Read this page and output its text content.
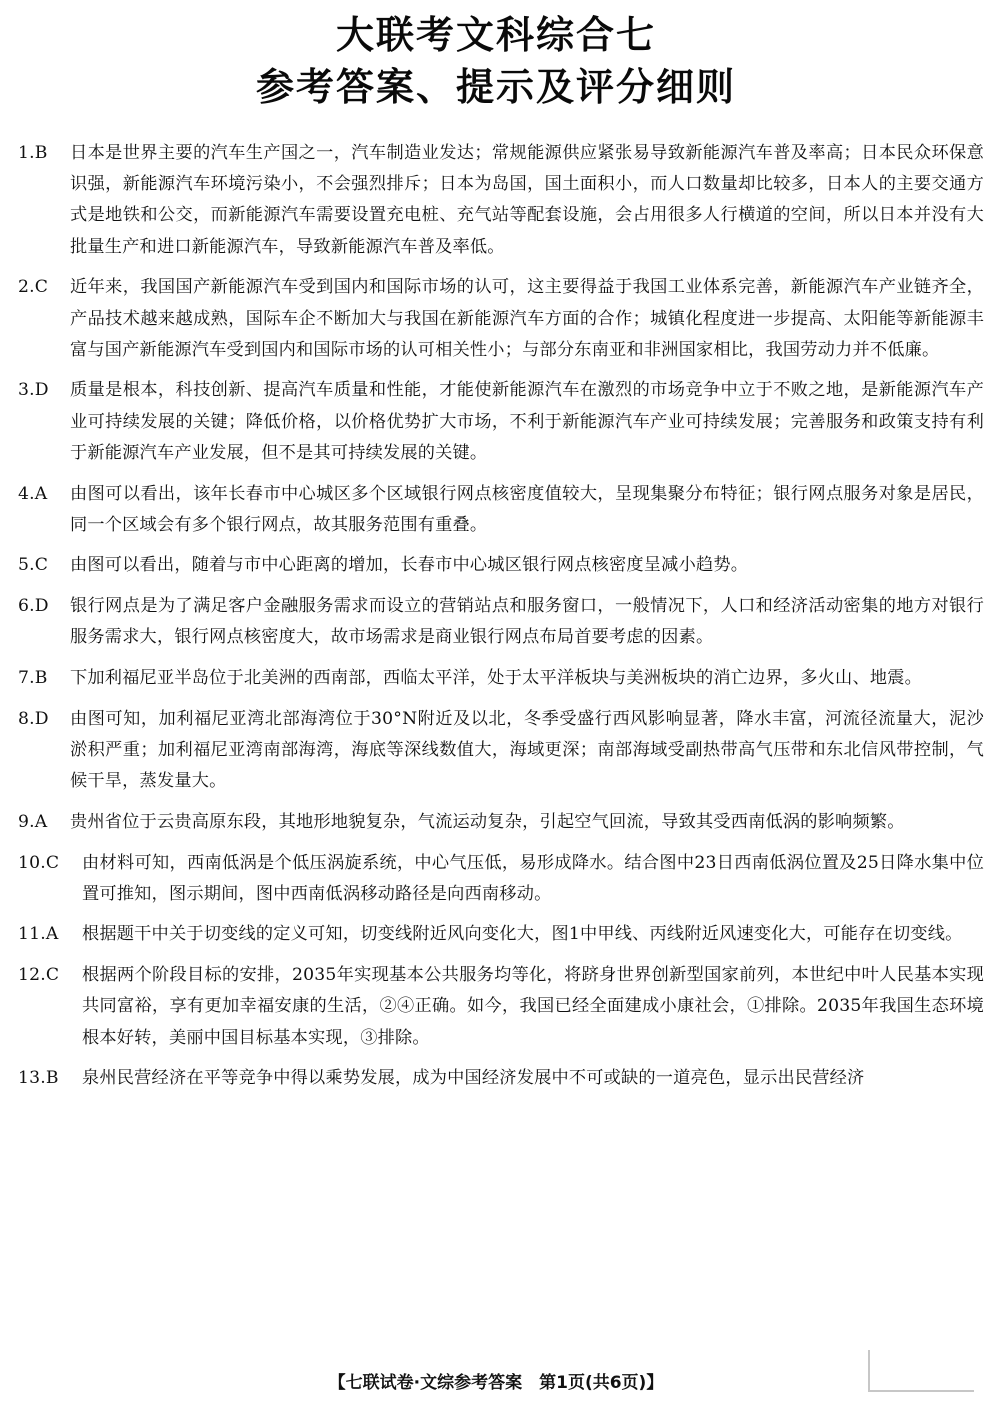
大联考文科综合七
参考答案、提示及评分细则
1.B	日本是世界主要的汽车生产国之一，汽车制造业发达；常规能源供应紧张易导致新能源汽车普及率高；日本民众环保意识强，新能源汽车环境污染小，不会强烈排斥；日本为岛国，国土面积小，而人口数量却比较多，日本人的主要交通方式是地铁和公交，而新能源汽车需要设置充电桩、充气站等配套设施，会占用很多人行横道的空间，所以日本并没有大批量生产和进口新能源汽车，导致新能源汽车普及率低。
2.C	近年来，我国国产新能源汽车受到国内和国际市场的认可，这主要得益于我国工业体系完善，新能源汽车产业链齐全，产品技术越来越成熟，国际车企不断加大与我国在新能源汽车方面的合作；城镇化程度进一步提高、太阳能等新能源丰富与国产新能源汽车受到国内和国际市场的认可相关性小；与部分东南亚和非洲国家相比，我国劳动力并不低廉。
3.D	质量是根本，科技创新、提高汽车质量和性能，才能使新能源汽车在激烈的市场竞争中立于不败之地，是新能源汽车产业可持续发展的关键；降低价格，以价格优势扩大市场，不利于新能源汽车产业可持续发展；完善服务和政策支持有利于新能源汽车产业发展，但不是其可持续发展的关键。
4.A	由图可以看出，该年长春市中心城区多个区域银行网点核密度值较大，呈现集聚分布特征；银行网点服务对象是居民，同一个区域会有多个银行网点，故其服务范围有重叠。
5.C	由图可以看出，随着与市中心距离的增加，长春市中心城区银行网点核密度呈减小趋势。
6.D	银行网点是为了满足客户金融服务需求而设立的营销站点和服务窗口，一般情况下，人口和经济活动密集的地方对银行服务需求大，银行网点核密度大，故市场需求是商业银行网点布局首要考虑的因素。
7.B	下加利福尼亚半岛位于北美洲的西南部，西临太平洋，处于太平洋板块与美洲板块的消亡边界，多火山、地震。
8.D	由图可知，加利福尼亚湾北部海湾位于30°N附近及以北，冬季受盛行西风影响显著，降水丰富，河流径流量大，泥沙淤积严重；加利福尼亚湾南部海湾，海底等深线数值大，海域更深；南部海域受副热带高气压带和东北信风带控制，气候干旱，蒸发量大。
9.A	贵州省位于云贵高原东段，其地形地貌复杂，气流运动复杂，引起空气回流，导致其受西南低涡的影响频繁。
10.C	由材料可知，西南低涡是个低压涡旋系统，中心气压低，易形成降水。结合图中23日西南低涡位置及25日降水集中位置可推知，图示期间，图中西南低涡移动路径是向西南移动。
11.A	根据题干中关于切变线的定义可知，切变线附近风向变化大，图1中甲线、丙线附近风速变化大，可能存在切变线。
12.C	根据两个阶段目标的安排，2035年实现基本公共服务均等化，将跻身世界创新型国家前列，本世纪中叶人民基本实现共同富裕，享有更加幸福安康的生活，②④正确。如今，我国已经全面建成小康社会，①排除。2035年我国生态环境根本好转，美丽中国目标基本实现，③排除。
13.B	泉州民营经济在平等竞争中得以乘势发展，成为中国经济发展中不可或缺的一道亮色，显示出民营经济
【七联试卷·文综参考答案　第1页(共6页)】
